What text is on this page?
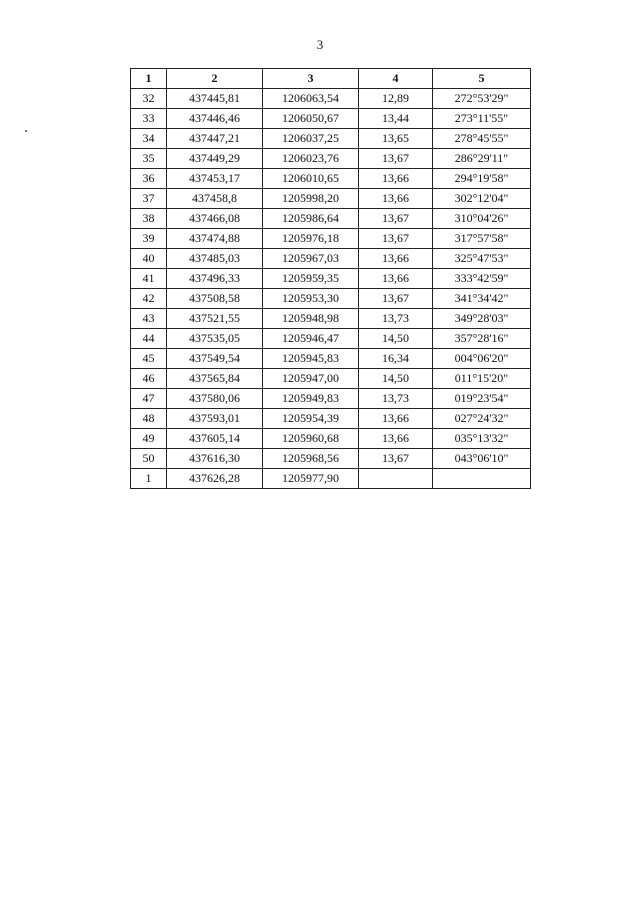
3
1	2	3	4	5
32	437445,81	1206063,54	12,89	272°53'29"
33	437446,46	1206050,67	13,44	273°11'55"
34	437447,21	1206037,25	13,65	278°45'55"
35	437449,29	1206023,76	13,67	286°29'11"
36	437453,17	1206010,65	13,66	294°19'58"
37	437458,8	1205998,20	13,66	302°12'04"
38	437466,08	1205986,64	13,67	310°04'26"
39	437474,88	1205976,18	13,67	317°57'58"
40	437485,03	1205967,03	13,66	325°47'53"
41	437496,33	1205959,35	13,66	333°42'59"
42	437508,58	1205953,30	13,67	341°34'42"
43	437521,55	1205948,98	13,73	349°28'03"
44	437535,05	1205946,47	14,50	357°28'16"
45	437549,54	1205945,83	16,34	004°06'20"
46	437565,84	1205947,00	14,50	011°15'20"
47	437580,06	1205949,83	13,73	019°23'54"
48	437593,01	1205954,39	13,66	027°24'32"
49	437605,14	1205960,68	13,66	035°13'32"
50	437616,30	1205968,56	13,67	043°06'10"
1	437626,28	1205977,90		
